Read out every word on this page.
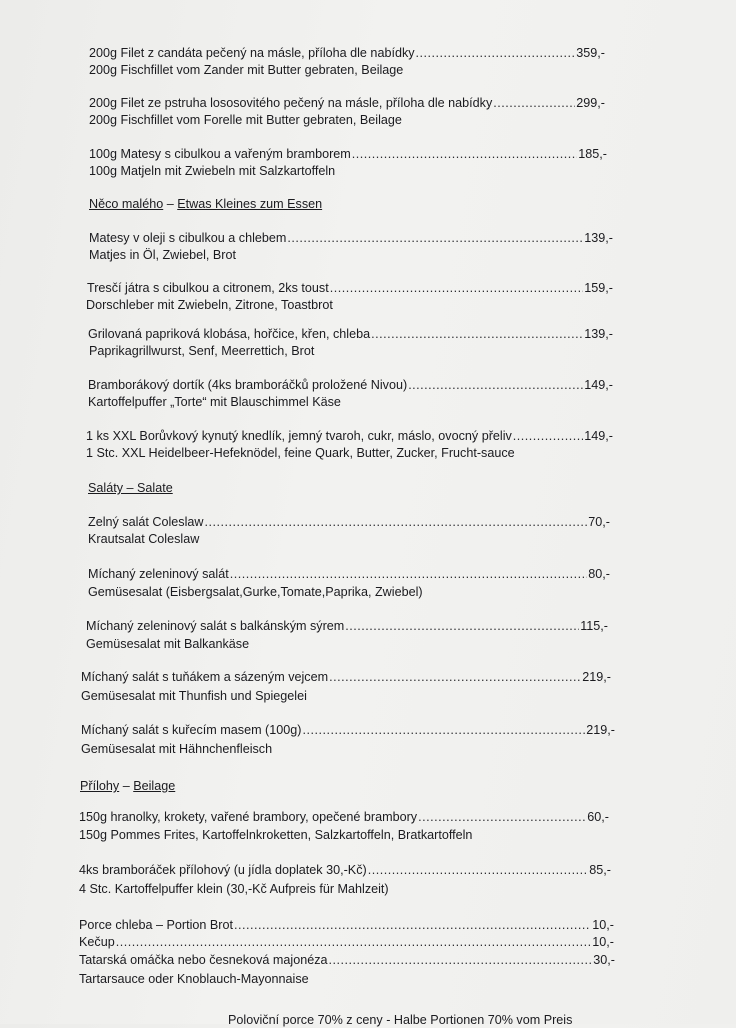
200g Filet z candáta pečený na másle, příloha dle nabídky .....	359,-
200g Fischfillet vom Zander mit Butter gebraten, Beilage
200g Filet ze pstruha lososovitého pečený na másle, příloha dle nabídky .....	299,-
200g Fischfillet vom Forelle mit Butter gebraten, Beilage
100g Matesy s cibulkou a vařeným bramborem .....	185,-
100g Matjeln mit Zwiebeln mit Salzkartoffeln
Něco malého – Etwas Kleines zum Essen
Matesy v oleji s cibulkou a chlebem .....	139,-
Matjes in Öl, Zwiebel, Brot
Tresčí játra s cibulkou a citronem, 2ks toust .....	159,-
Dorschleber mit Zwiebeln, Zitrone, Toastbrot
Grilovaná papriková klobása, hořčice, křen, chleba .....	139,-
Paprikagrillwurst, Senf, Meerrettich, Brot
Bramborákový dortík (4ks bramboráčků proložené Nivou) .....	149,-
Kartoffelpuffer „Torte“ mit Blauschimmel Käse
1 ks XXL Borůvkový kynutý knedlík, jemný tvaroh, cukr, máslo, ovocný přeliv .....	149,-
1 Stc. XXL Heidelbeer-Hefeknödel, feine Quark, Butter, Zucker, Frucht-sauce
Saláty – Salate
Zelný salát Coleslaw .....	70,-
Krautsalat Coleslaw
Míchaný zeleninový salát .....	80,-
Gemüsesalat (Eisbergsalat,Gurke,Tomate,Paprika, Zwiebel)
Míchaný zeleninový salát s balkánským sýrem .....	115,-
Gemüsesalat mit Balkankäse
Míchaný salát s tuňákem a sázeným vejcem .....	219,-
Gemüsesalat mit Thunfish und Spiegelei
Míchaný salát s kuřecím masem (100g) .....	219,-
Gemüsesalat mit Hähnchenfleisch
Přílohy – Beilage
150g hranolky, krokety, vařené brambory, opečené brambory .....	60,-
150g Pommes Frites, Kartoffelnkroketten, Salzkartoffeln, Bratkartoffeln
4ks bramboráček přílohový (u jídla doplatek 30,-Kč) .....	85,-
4 Stc. Kartoffelpuffer klein (30,-Kč Aufpreis für Mahlzeit)
Porce chleba – Portion Brot .....	10,-
Kečup .....	10,-
Tatarská omáčka nebo česneková majonéza .....	30,-
Tartarsauce oder Knoblauch-Mayonnaise
Poloviční porce 70% z ceny - Halbe Portionen 70% vom Preis
